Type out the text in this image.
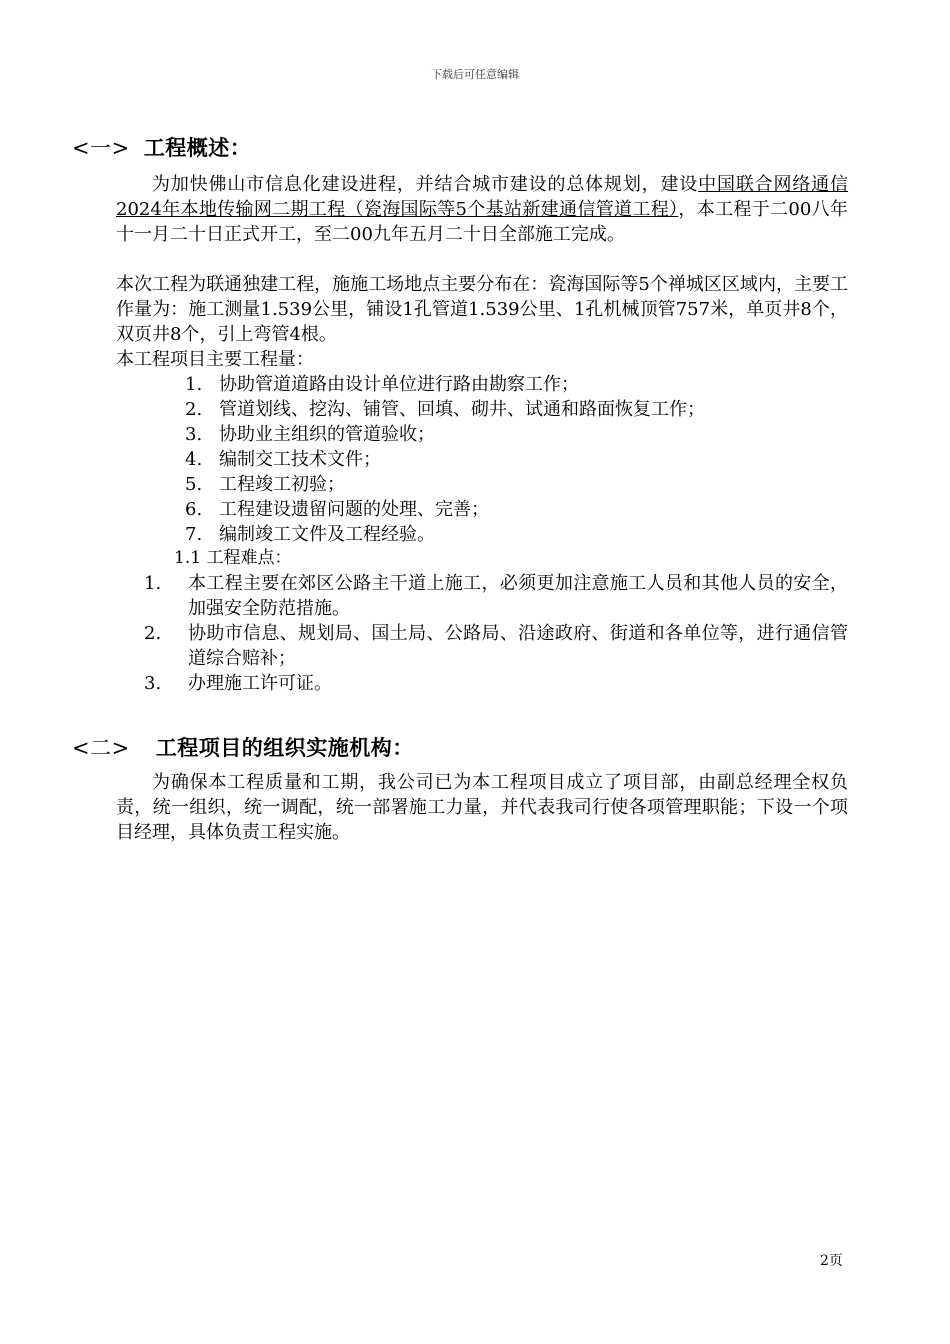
下载后可任意编辑
<一> 工程概述：
为加快佛山市信息化建设进程，并结合城市建设的总体规划，建设中国联合网络通信2024年本地传输网二期工程（瓷海国际等5个基站新建通信管道工程），本工程于二00八年十一月二十日正式开工，至二00九年五月二十日全部施工完成。
本次工程为联通独建工程，施施工场地点主要分布在：瓷海国际等5个禅城区区域内，主要工作量为：施工测量1.539公里，铺设1孔管道1.539公里、1孔机械顶管757米，单页井8个，双页井8个，引上弯管4根。
本工程项目主要工程量：
1. 协助管道道路由设计单位进行路由勘察工作；
2. 管道划线、挖沟、铺管、回填、砌井、试通和路面恢复工作；
3. 协助业主组织的管道验收；
4. 编制交工技术文件；
5. 工程竣工初验；
6. 工程建设遗留问题的处理、完善；
7. 编制竣工文件及工程经验。
1.1 工程难点：
1.	本工程主要在郊区公路主干道上施工，必须更加注意施工人员和其他人员的安全，加强安全防范措施。
2.	协助市信息、规划局、国土局、公路局、沿途政府、街道和各单位等，进行通信管道综合赔补；
3.	办理施工许可证。
<二> 工程项目的组织实施机构：
为确保本工程质量和工期，我公司已为本工程项目成立了项目部，由副总经理全权负责，统一组织，统一调配，统一部署施工力量，并代表我司行使各项管理职能；下设一个项目经理，具体负责工程实施。
2页
